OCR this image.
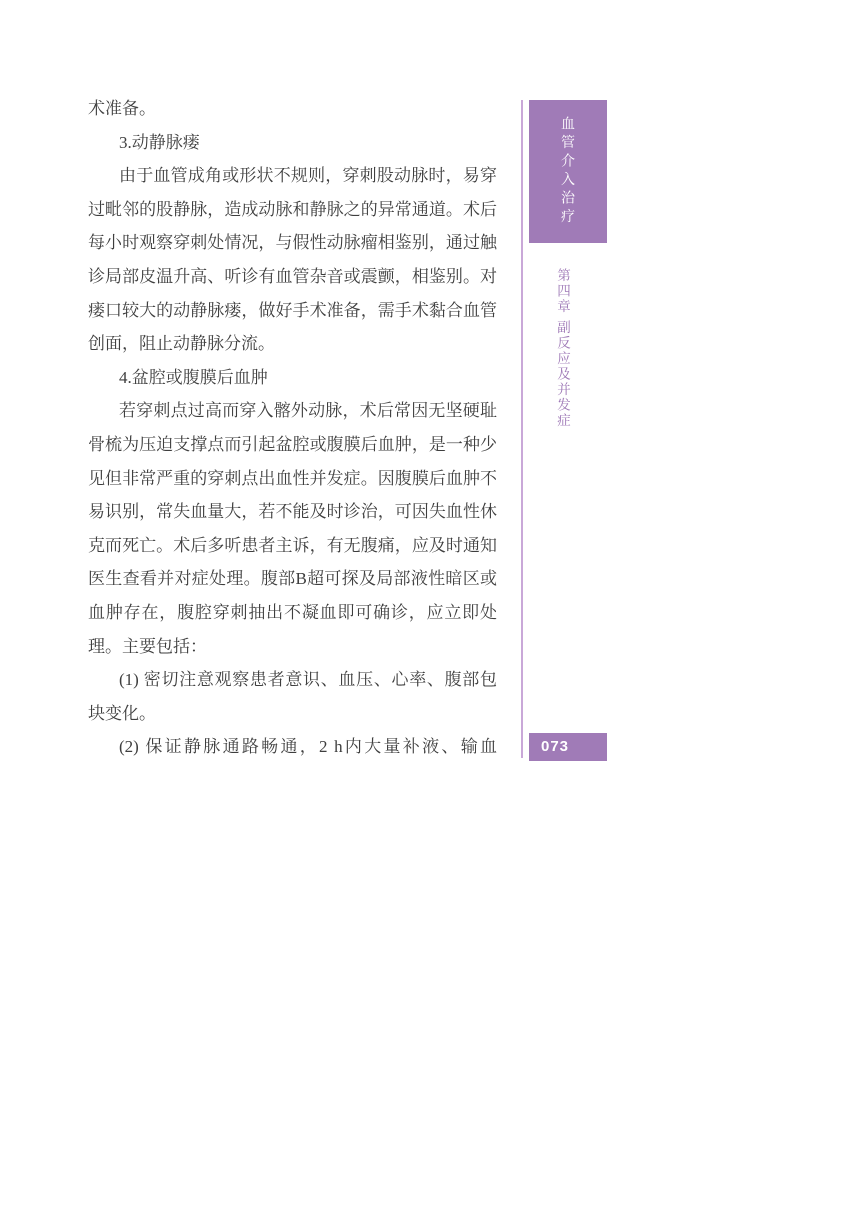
术准备。
3.动静脉瘘
由于血管成角或形状不规则，穿刺股动脉时，易穿
过毗邻的股静脉，造成动脉和静脉之的异常通道。术后
每小时观察穿刺处情况，与假性动脉瘤相鉴别，通过触
诊局部皮温升高、听诊有血管杂音或震颤，相鉴别。对
瘘口较大的动静脉瘘，做好手术准备，需手术黏合血管
创面，阻止动静脉分流。
4.盆腔或腹膜后血肿
若穿刺点过高而穿入髂外动脉，术后常因无坚硬耻
骨梳为压迫支撑点而引起盆腔或腹膜后血肿，是一种少
见但非常严重的穿刺点出血性并发症。因腹膜后血肿不
易识别，常失血量大，若不能及时诊治，可因失血性休
克而死亡。术后多听患者主诉，有无腹痛，应及时通知
医生查看并对症处理。腹部B超可探及局部液性暗区或
血肿存在，腹腔穿刺抽出不凝血即可确诊，应立即处
理。主要包括：
(1) 密切注意观察患者意识、血压、心率、腹部包
块变化。
(2) 保证静脉通路畅通，2 h内大量补液、输血
血管介入治疗
第四章 副反应及并发症
073
